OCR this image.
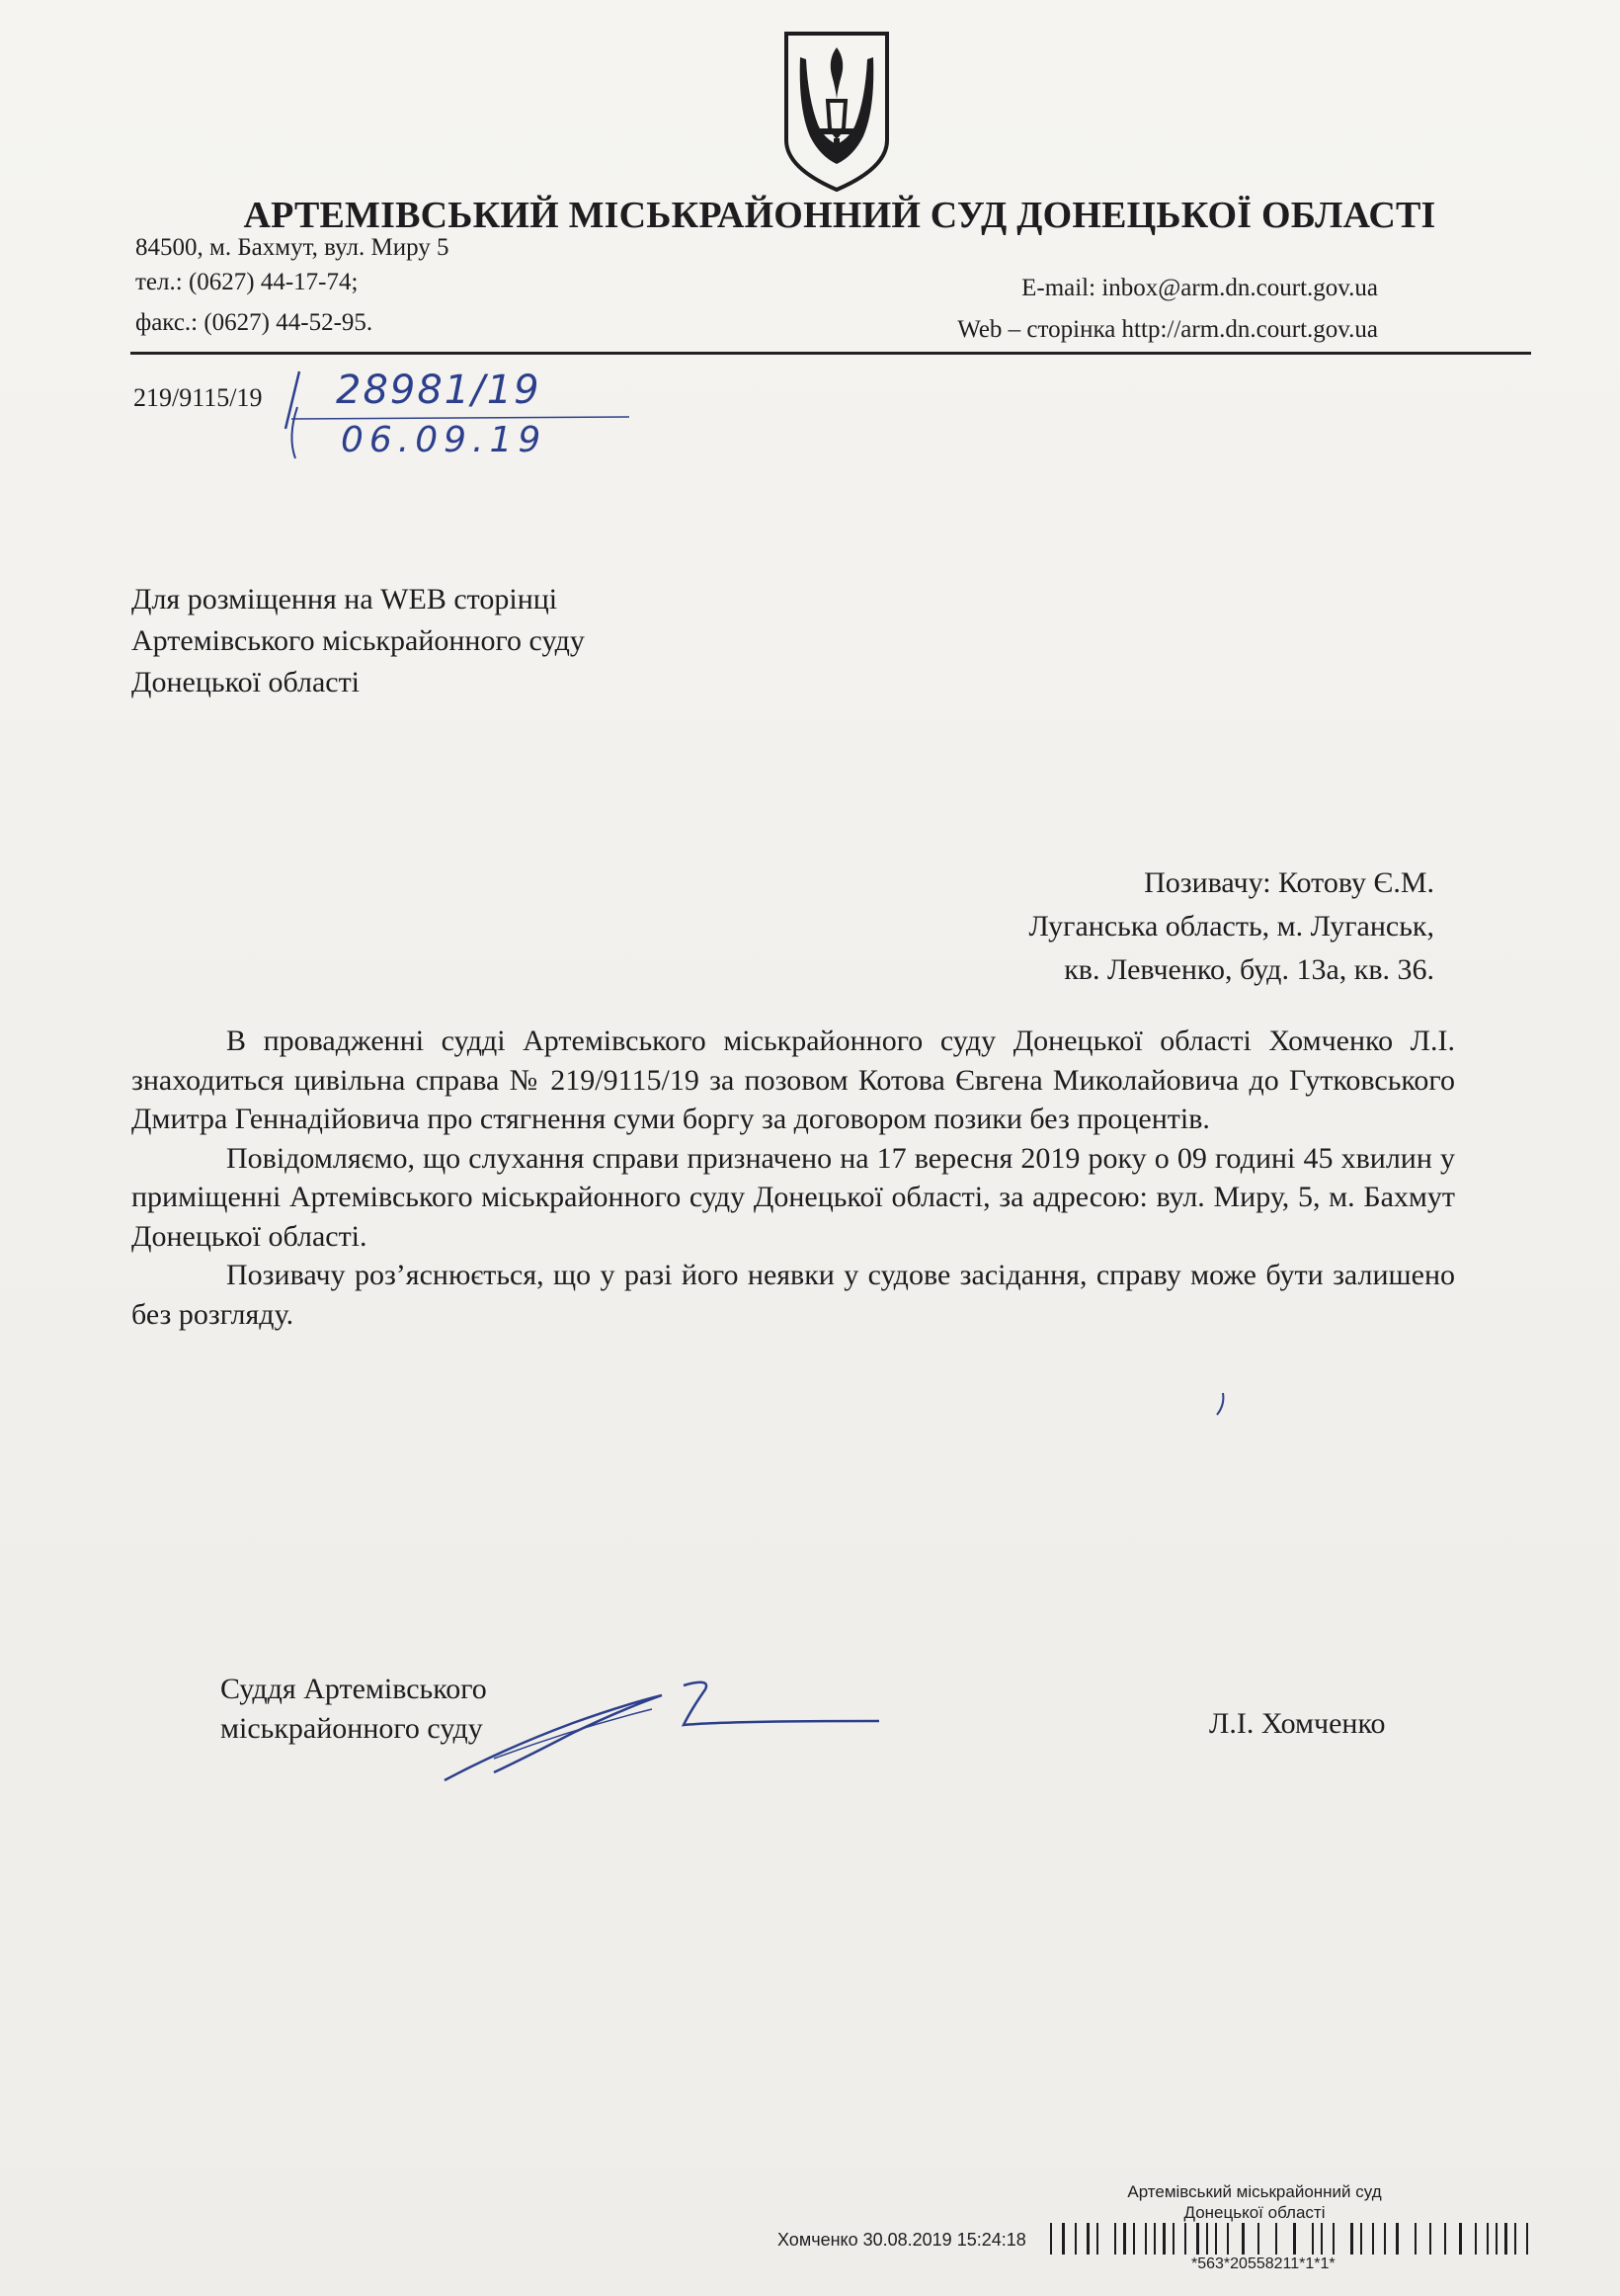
АРТЕМІВСЬКИЙ МІСЬКРАЙОННИЙ СУД ДОНЕЦЬКОЇ ОБЛАСТІ
84500, м. Бахмут, вул. Миру 5
тел.: (0627) 44-17-74;
факс.: (0627) 44-52-95.
E-mail: inbox@arm.dn.court.gov.ua
Web – сторінка http://arm.dn.court.gov.ua
219/9115/19 28981/19
06.09.19
Для розміщення на WEB сторінці
Артемівського міськрайонного суду
Донецької області
Позивачу: Котову Є.М.
Луганська область, м. Луганськ,
кв. Левченко, буд. 13а, кв. 36.

В провадженні судді Артемівського міськрайонного суду Донецької області Хомченко Л.І. знаходиться цивільна справа № 219/9115/19 за позовом Котова Євгена Миколайовича до Гутковського Дмитра Геннадійовича про стягнення суми боргу за договором позики без процентів.

Повідомляємо, що слухання справи призначено на 17 вересня 2019 року о 09 годині 45 хвилин у приміщенні Артемівського міськрайонного суду Донецької області, за адресою: вул. Миру, 5, м. Бахмут Донецької області.

Позивачу роз’яснюється, що у разі його неявки у судове засідання, справу може бути залишено без розгляду.

Суддя Артемівського
міськрайонного суду	Л.І. Хомченко
Артемівський міськрайонний суд
Донецької області
Хомченко 30.08.2019 15:24:18
*563*20558211*1*1*
